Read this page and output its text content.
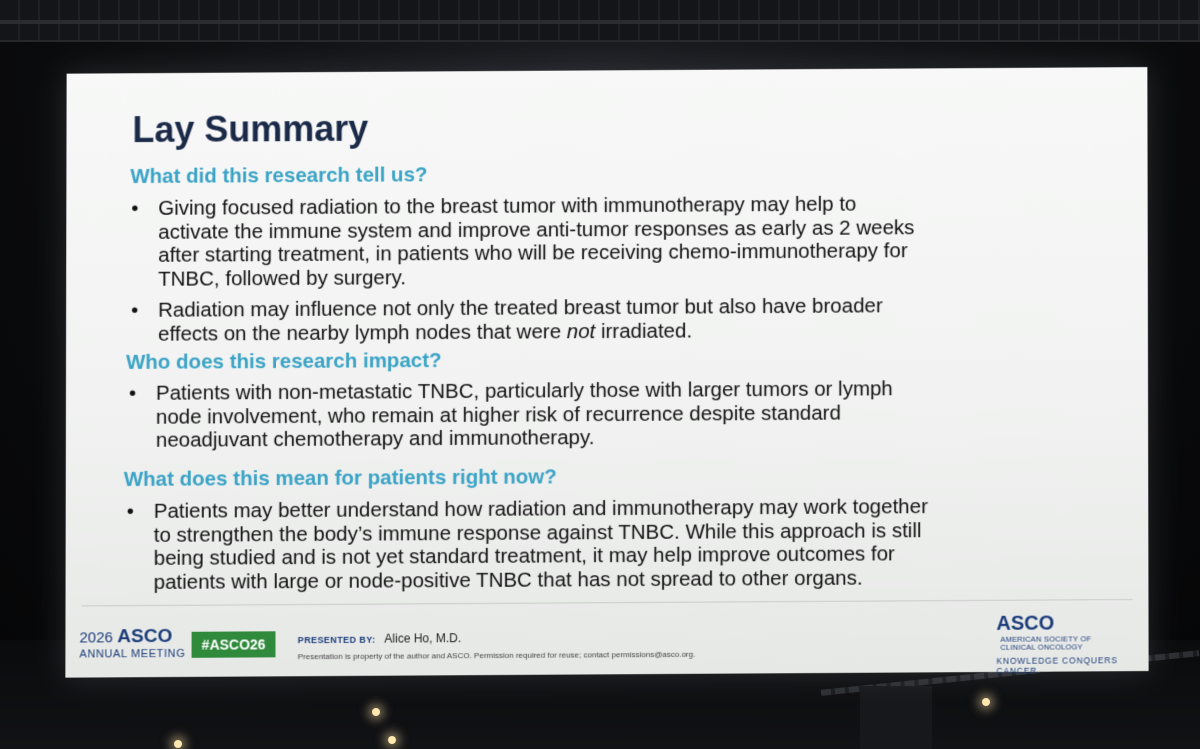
Lay Summary
What did this research tell us?
• Giving focused radiation to the breast tumor with immunotherapy may help to
activate the immune system and improve anti-tumor responses as early as 2 weeks
after starting treatment, in patients who will be receiving chemo-immunotherapy for
TNBC, followed by surgery.
• Radiation may influence not only the treated breast tumor but also have broader
effects on the nearby lymph nodes that were not irradiated.
Who does this research impact?
• Patients with non-metastatic TNBC, particularly those with larger tumors or lymph
node involvement, who remain at higher risk of recurrence despite standard
neoadjuvant chemotherapy and immunotherapy.
What does this mean for patients right now?
• Patients may better understand how radiation and immunotherapy may work together
to strengthen the body’s immune response against TNBC. While this approach is still
being studied and is not yet standard treatment, it may help improve outcomes for
patients with large or node-positive TNBC that has not spread to other organs.
2026 ASCO
ANNUAL MEETING
#ASCO26	PRESENTED BY: Alice Ho, M.D.
Presentation is property of the author and ASCO. Permission required for reuse; contact permissions@asco.org.
ASCO AMERICAN SOCIETY OF
CLINICAL ONCOLOGY
KNOWLEDGE CONQUERS CANCER
